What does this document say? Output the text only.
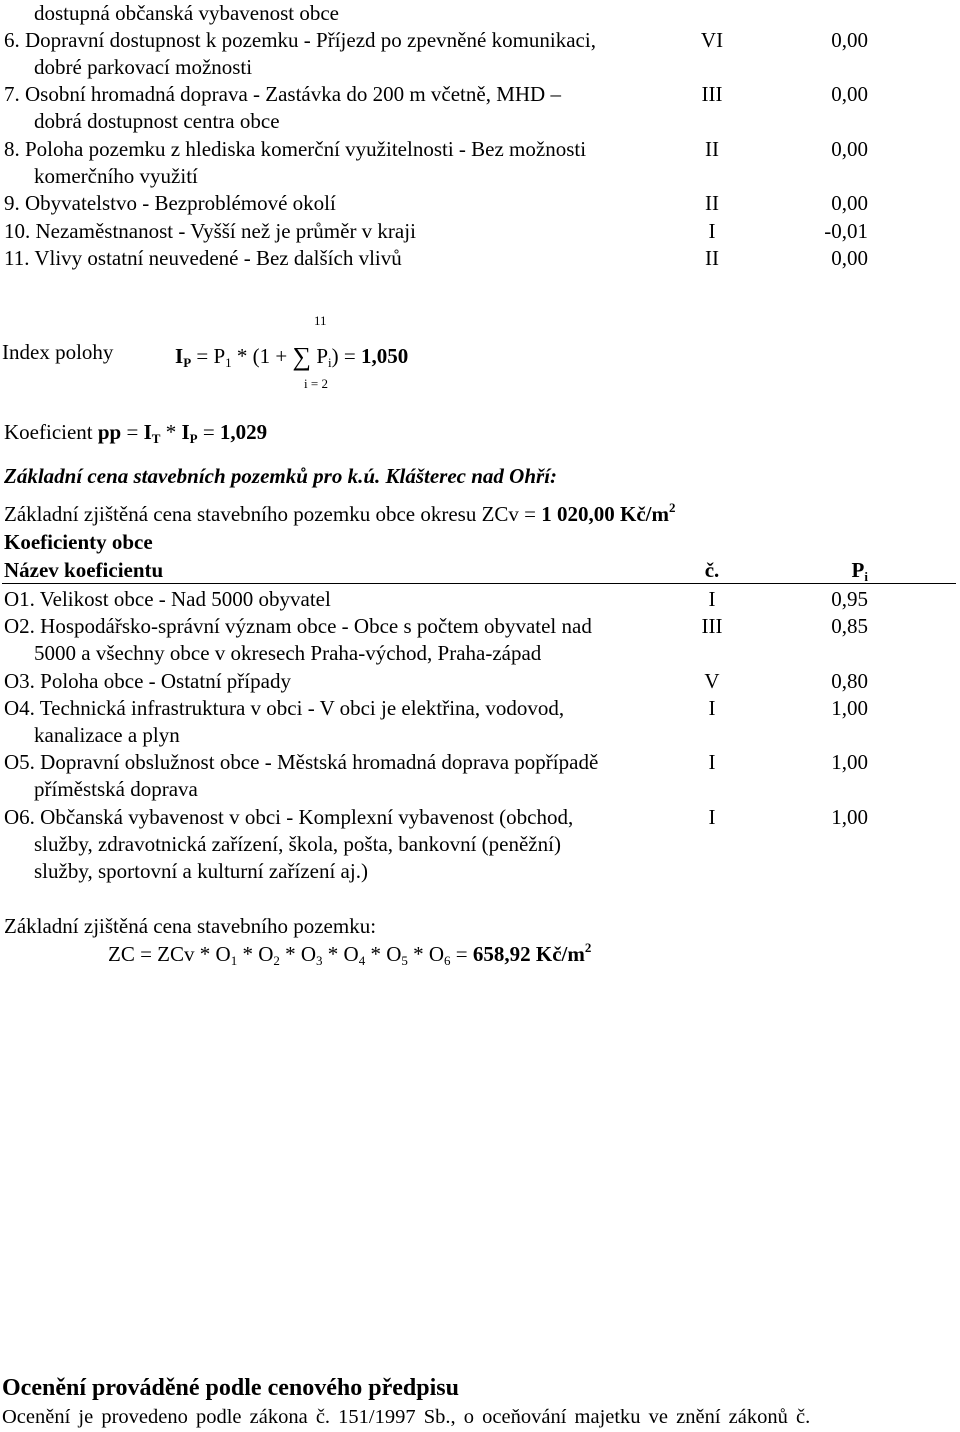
dostupná občanská vybavenost obce
6. Dopravní dostupnost k pozemku - Příjezd po zpevněné komunikaci,
dobré parkovací možnosti
VI	0,00
7. Osobní hromadná doprava - Zastávka do 200 m včetně, MHD –
dobrá dostupnost centra obce
III	0,00
8. Poloha pozemku z hlediska komerční využitelnosti - Bez možnosti
komerčního využití
II	0,00
9. Obyvatelstvo - Bezproblémové okolí	II	0,00
10. Nezaměstnanost - Vyšší než je průměr v kraji	I	-0,01
11. Vlivy ostatní neuvedené - Bez dalších vlivů	II	0,00
11
Index polohy	$I_P = P_1 * (1$ + ∑ $P_i) = 1,050$
i = 2
Koeficient pp = $I_T * I_P = 1,029$
Základní cena stavebních pozemků pro k.ú. Klášterec nad Ohří:
Základní zjištěná cena stavebního pozemku obce okresu ZCv = 1 020,00 $Kč/m^2$
Koeficienty obce
Název koeficientu	č.	$P_i$
O1. Velikost obce - Nad 5000 obyvatel	I	0,95
O2. Hospodářsko-správní význam obce - Obce s počtem obyvatel nad
5000 a všechny obce v okresech Praha-východ, Praha-západ
III	0,85
O3. Poloha obce - Ostatní případy	V	0,80
O4. Technická infrastruktura v obci - V obci je elektřina, vodovod,
kanalizace a plyn
I	1,00
O5. Dopravní obslužnost obce - Městská hromadná doprava popřípadě
příměstská doprava
I	1,00
O6. Občanská vybavenost v obci - Komplexní vybavenost (obchod,
služby, zdravotnická zařízení, škola, pošta, bankovní (peněžní)
služby, sportovní a kulturní zařízení aj.)
I	1,00
Základní zjištěná cena stavebního pozemku:
ZC = ZCv * $O_1 * O_2 * O_3 * O_4 * O_5 * O_6 = 658,92$ $Kč/m^2$
Ocenění prováděné podle cenového předpisu
Ocenění je provedeno podle zákona č. 151/1997 Sb., o oceňování majetku ve znění zákonů č.
